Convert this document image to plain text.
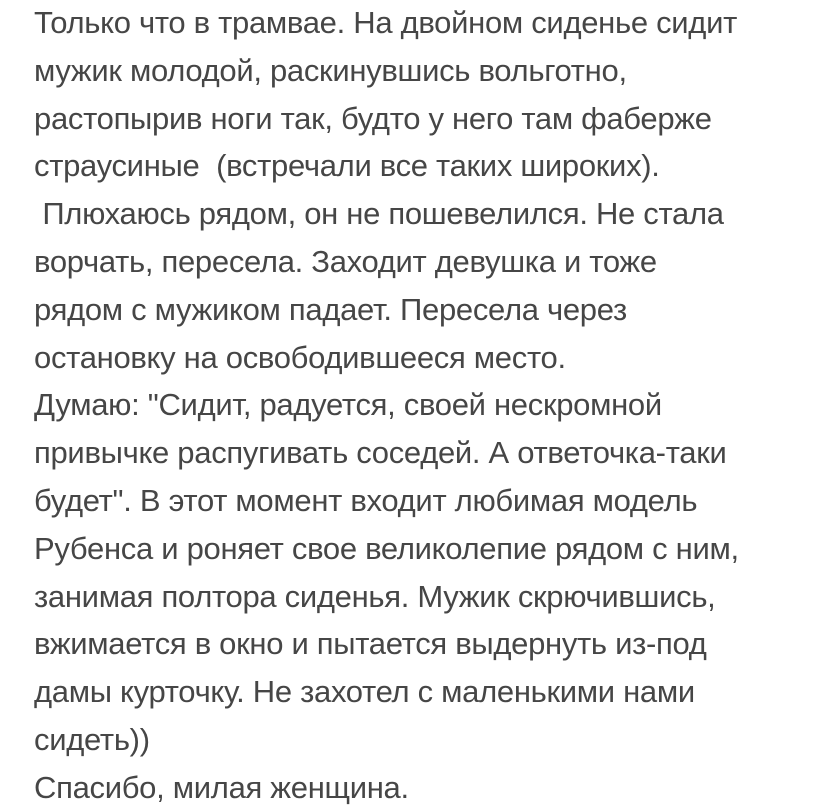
Только что в трамвае. На двойном сиденье сидит
мужик молодой, раскинувшись вольготно,
растопырив ноги так, будто у него там фаберже
страусиные  (встречали все таких широких).
Плюхаюсь рядом, он не пошевелился. Не стала
ворчать, пересела. Заходит девушка и тоже
рядом с мужиком падает. Пересела через
остановку на освободившееся место.
Думаю: "Сидит, радуется, своей нескромной
привычке распугивать соседей. А ответочка-таки
будет". В этот момент входит любимая модель
Рубенса и роняет свое великолепие рядом с ним,
занимая полтора сиденья. Мужик скрючившись,
вжимается в окно и пытается выдернуть из-под
дамы курточку. Не захотел с маленькими нами
сидеть))
Спасибо, милая женщина.
